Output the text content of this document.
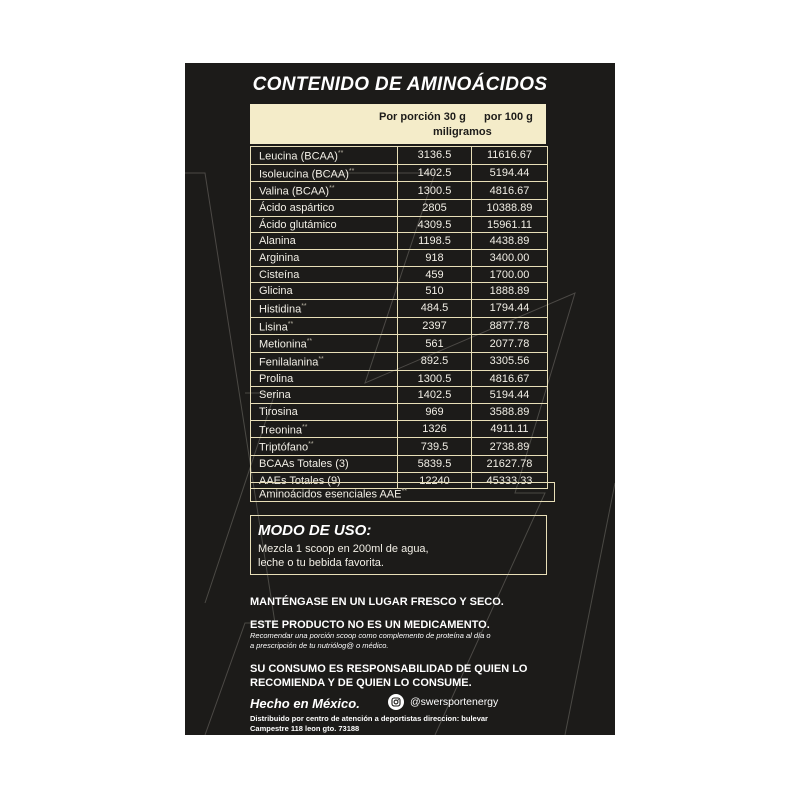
CONTENIDO DE AMINOÁCIDOS
Por porción 30 g por 100 g
miligramos
Leucina (BCAA)**	3136.5	11616.67
Isoleucina (BCAA)**	1402.5	5194.44
Valina (BCAA)**	1300.5	4816.67
Ácido aspártico	2805	10388.89
Ácido glutámico	4309.5	15961.11
Alanina	1198.5	4438.89
Arginina	918	3400.00
Cisteína	459	1700.00
Glicina	510	1888.89
Histidina**	484.5	1794.44
Lisina**	2397	8877.78
Metionina**	561	2077.78
Fenilalanina**	892.5	3305.56
Prolina	1300.5	4816.67
Serina	1402.5	5194.44
Tirosina	969	3588.89
Treonina**	1326	4911.11
Triptófano**	739.5	2738.89
BCAAs Totales (3)	5839.5	21627.78
AAEs Totales (9)	12240	45333.33
Aminoácidos esenciales AAE**
MODO DE USO:
Mezcla 1 scoop en 200ml de agua,
leche o tu bebida favorita.
MANTÉNGASE EN UN LUGAR FRESCO Y SECO.
ESTE PRODUCTO NO ES UN MEDICAMENTO.
Recomendar una porción scoop como complemento de proteína al día o
a prescripción de tu nutriólog@ o médico.
SU CONSUMO ES RESPONSABILIDAD DE QUIEN LO
RECOMIENDA Y DE QUIEN LO CONSUME.
Hecho en México.	@swersportenergy
Distribuido por centro de atención a deportistas direccion: bulevar
Campestre 118 leon gto. 73188
